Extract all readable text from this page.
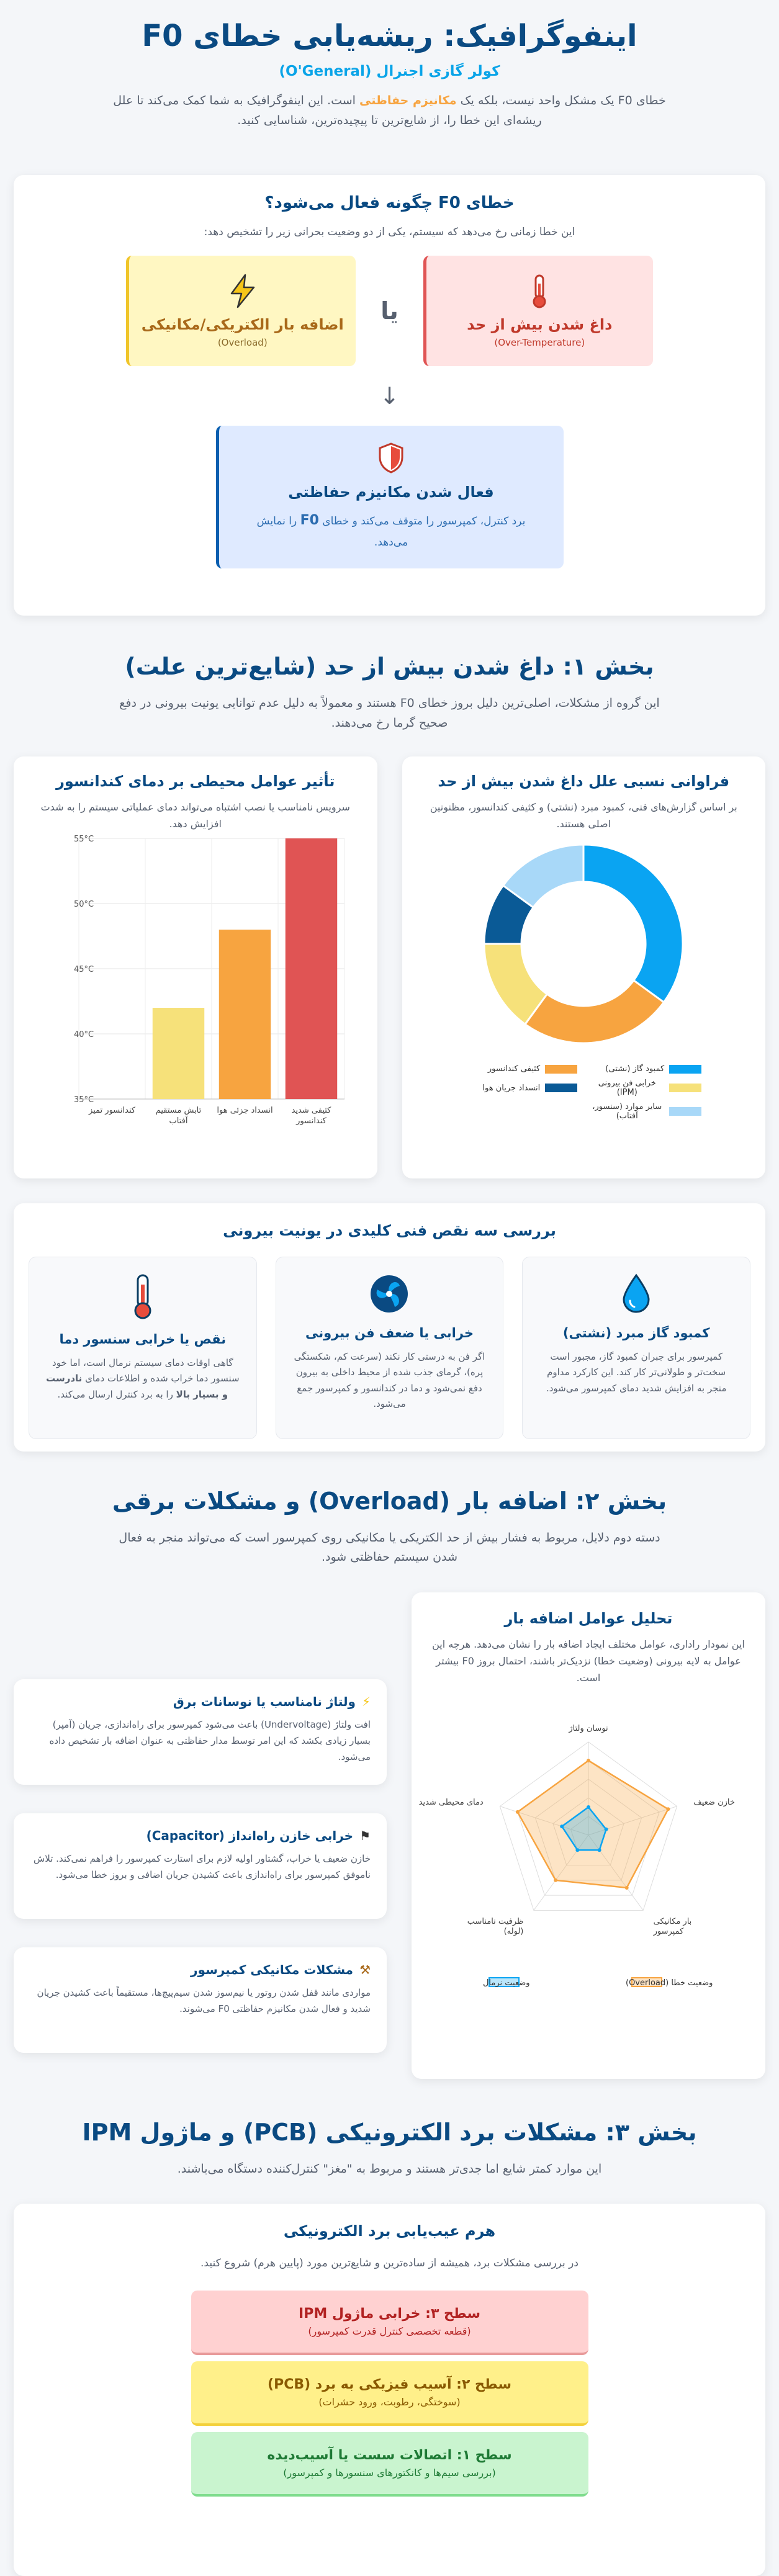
اینفوگرافیک: ریشه‌یابی خطای F0
کولر گازی اجنرال (O'General)

خطای F0 یک مشکل واحد نیست، بلکه یک مکانیزم حفاظتی است. این اینفوگرافیک به شما کمک می‌کند تا علل ریشه‌ای این خطا را، از شایع‌ترین تا پیچیده‌ترین، شناسایی کنید.

خطای F0 چگونه فعال می‌شود؟
این خطا زمانی رخ می‌دهد که سیستم، یکی از دو وضعیت بحرانی زیر را تشخیص دهد:
داغ شدن بیش از حد
(Over-Temperature)
یا
اضافه بار الکتریکی/مکانیکی
(Overload)
↓
فعال شدن مکانیزم حفاظتی
برد کنترل، کمپرسور را متوقف می‌کند و خطای F0 را نمایش می‌دهد.
بخش ۱: داغ شدن بیش از حد (شایع‌ترین علت)

این گروه از مشکلات، اصلی‌ترین دلیل بروز خطای F0 هستند و معمولاً به دلیل عدم توانایی یونیت بیرونی در دفع صحیح گرما رخ می‌دهند.

فراوانی نسبی علل داغ شدن بیش از حد
بر اساس گزارش‌های فنی، کمبود مبرد (نشتی) و کثیفی کندانسور، مظنونین اصلی هستند.
کمبود گاز (نشتی)
کثیفی کندانسور
خرابی فن بیرونی (IPM)
انسداد جریان هوا
سایر موارد (سنسور، آفتاب)
تأثیر عوامل محیطی بر دمای کندانسور
سرویس نامناسب یا نصب اشتباه می‌تواند دمای عملیاتی سیستم را به شدت افزایش دهد.
35°C
40°C
45°C
50°C
55°C
کثیفی شدید کندانسور
انسداد جزئی هوا
تابش مستقیم آفتاب
کندانسور تمیز
بررسی سه نقص فنی کلیدی در یونیت بیرونی
کمبود گاز مبرد (نشتی)
کمپرسور برای جبران کمبود گاز، مجبور است سخت‌تر و طولانی‌تر کار کند. این کارکرد مداوم منجر به افزایش شدید دمای کمپرسور می‌شود.
خرابی یا ضعف فن بیرونی
اگر فن به درستی کار نکند (سرعت کم، شکستگی پره)، گرمای جذب شده از محیط داخلی به بیرون دفع نمی‌شود و دما در کندانسور و کمپرسور جمع می‌شود.
نقص یا خرابی سنسور دما
گاهی اوقات دمای سیستم نرمال است، اما خود سنسور دما خراب شده و اطلاعات دمای نادرست و بسیار بالا را به برد کنترل ارسال می‌کند.
بخش ۲: اضافه بار (Overload) و مشکلات برقی

دسته دوم دلایل، مربوط به فشار بیش از حد الکتریکی یا مکانیکی روی کمپرسور است که می‌تواند منجر به فعال شدن سیستم حفاظتی شود.

تحلیل عوامل اضافه بار
این نمودار راداری، عوامل مختلف ایجاد اضافه بار را نشان می‌دهد. هرچه این عوامل به لایه بیرونی (وضعیت خطا) نزدیک‌تر باشند، احتمال بروز F0 بیشتر است.
نوسان ولتاژ
خازن ضعیف
بار مکانیکی کمپرسور
ظرفیت نامناسب (لوله)
دمای محیطی شدید
وضعیت خطا (Overload)
وضعیت نرمال
⚡
ولتاژ نامناسب یا نوسانات برق
افت ولتاژ (Undervoltage) باعث می‌شود کمپرسور برای راه‌اندازی، جریان (آمپر) بسیار زیادی بکشد که این امر توسط مدار حفاظتی به عنوان اضافه بار تشخیص داده می‌شود.
⚑
خرابی خازن راه‌انداز (Capacitor)
خازن ضعیف یا خراب، گشتاور اولیه لازم برای استارت کمپرسور را فراهم نمی‌کند. تلاش ناموفق کمپرسور برای راه‌اندازی باعث کشیدن جریان اضافی و بروز خطا می‌شود.
⚒
مشکلات مکانیکی کمپرسور
مواردی مانند قفل شدن روتور یا نیم‌سوز شدن سیم‌پیچ‌ها، مستقیماً باعث کشیدن جریان شدید و فعال شدن مکانیزم حفاظتی F0 می‌شوند.
بخش ۳: مشکلات برد الکترونیکی (PCB) و ماژول IPM

این موارد کمتر شایع اما جدی‌تر هستند و مربوط به "مغز" کنترل‌کننده دستگاه می‌باشند.

هرم عیب‌یابی برد الکترونیکی
در بررسی مشکلات برد، همیشه از ساده‌ترین و شایع‌ترین مورد (پایین هرم) شروع کنید.
سطح ۳: خرابی ماژول IPM
(قطعه تخصصی کنترل قدرت کمپرسور)
سطح ۲: آسیب فیزیکی به برد (PCB)
(سوختگی، رطوبت، ورود حشرات)
سطح ۱: اتصالات سست یا آسیب‌دیده
(بررسی سیم‌ها و کانکتورهای سنسورها و کمپرسور)
